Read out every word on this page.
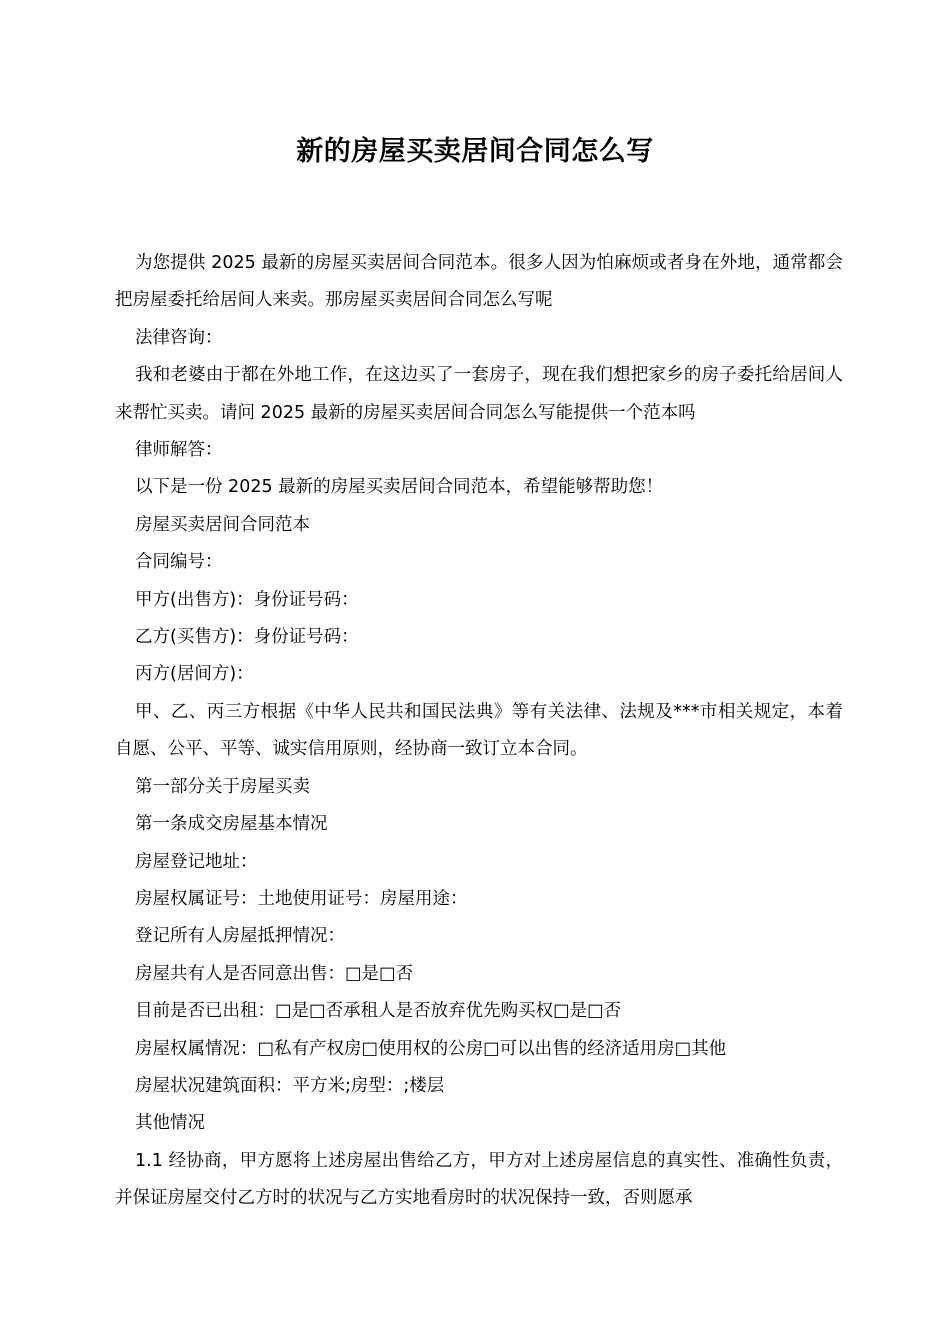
新的房屋买卖居间合同怎么写

为您提供 2025 最新的房屋买卖居间合同范本。很多人因为怕麻烦或者身在外地，通常都会把房屋委托给居间人来卖。那房屋买卖居间合同怎么写呢

法律咨询：

我和老婆由于都在外地工作，在这边买了一套房子，现在我们想把家乡的房子委托给居间人来帮忙买卖。请问 2025 最新的房屋买卖居间合同怎么写能提供一个范本吗

律师解答：

以下是一份 2025 最新的房屋买卖居间合同范本，希望能够帮助您！

房屋买卖居间合同范本

合同编号：

甲方(出售方)：身份证号码：

乙方(买售方)：身份证号码：

丙方(居间方)：

甲、乙、丙三方根据《中华人民共和国民法典》等有关法律、法规及***市相关规定，本着自愿、公平、平等、诚实信用原则，经协商一致订立本合同。

第一部分关于房屋买卖

第一条成交房屋基本情况

房屋登记地址：

房屋权属证号：土地使用证号：房屋用途：

登记所有人房屋抵押情况：

房屋共有人是否同意出售：□是□否

目前是否已出租：□是□否承租人是否放弃优先购买权□是□否

房屋权属情况：□私有产权房□使用权的公房□可以出售的经济适用房□其他

房屋状况建筑面积：平方米;房型：;楼层

其他情况

1.1 经协商，甲方愿将上述房屋出售给乙方，甲方对上述房屋信息的真实性、准确性负责，并保证房屋交付乙方时的状况与乙方实地看房时的状况保持一致，否则愿承
